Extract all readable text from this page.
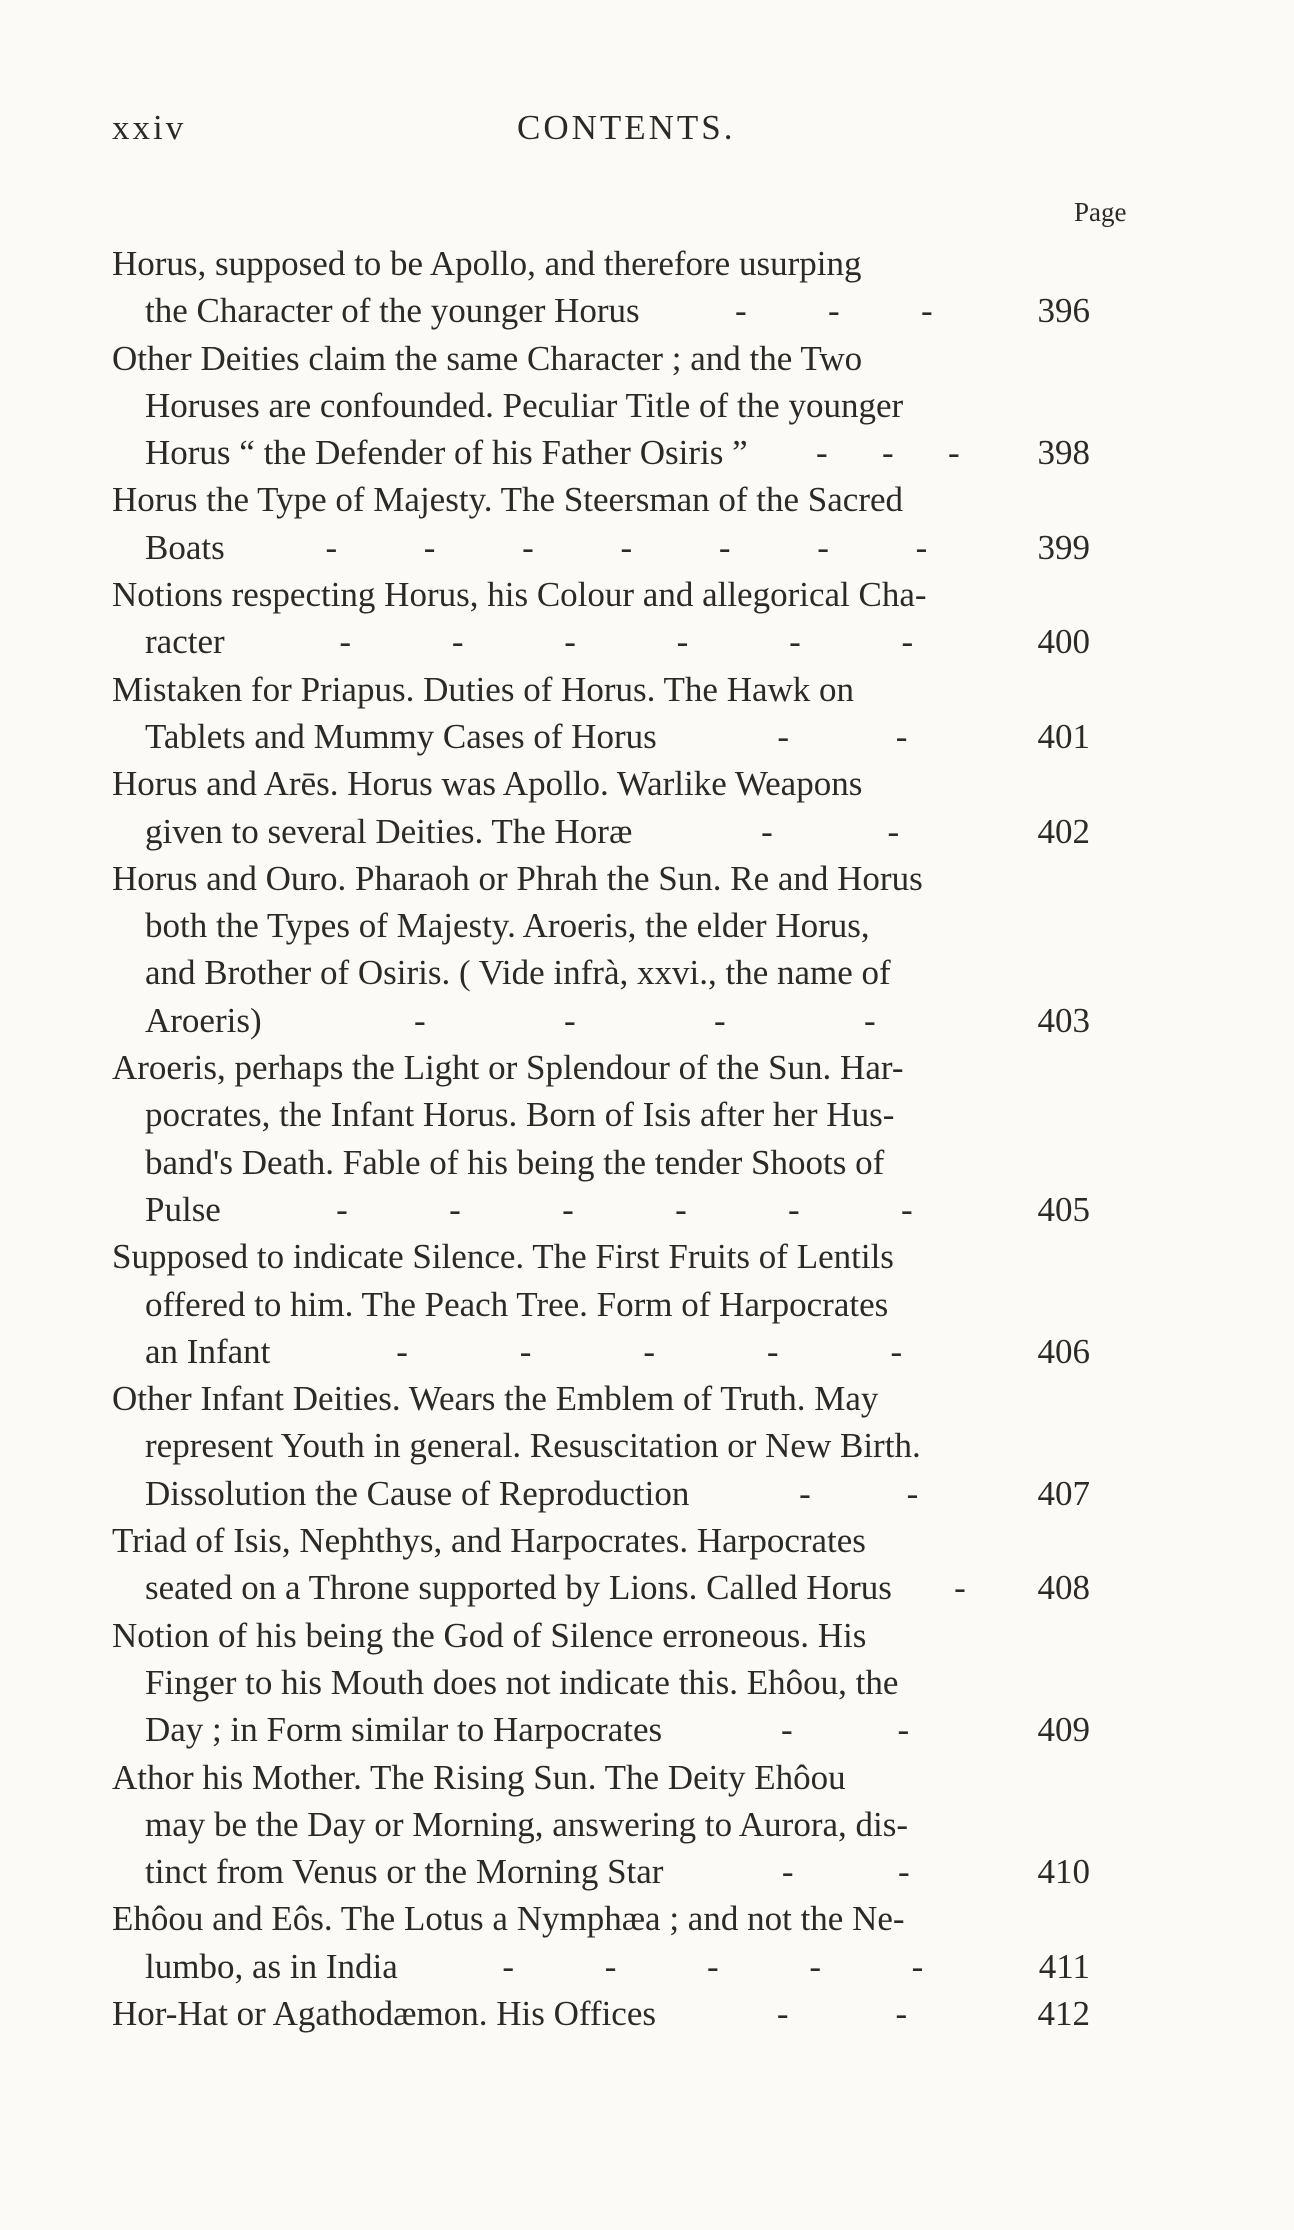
xxiv	CONTENTS.
Page
Horus, supposed to be Apollo, and therefore usurping
the Character of the younger Horus	- - -	396
Other Deities claim the same Character ; and the Two
Horuses are confounded. Peculiar Title of the younger
Horus “ the Defender of his Father Osiris ” - - -	398
Horus the Type of Majesty. The Steersman of the Sacred
Boats	- - - - - - -	399
Notions respecting Horus, his Colour and allegorical Cha-
racter	-	-	-	-	-	-	400
Mistaken for Priapus. Duties of Horus. The Hawk on
Tablets and Mummy Cases of Horus	-	-	401
Horus and Arēs. Horus was Apollo. Warlike Weapons
given to several Deities. The Horæ	-	-	402
Horus and Ouro. Pharaoh or Phrah the Sun. Re and Horus
both the Types of Majesty. Aroeris, the elder Horus,
and Brother of Osiris. ( Vide infrà, xxvi., the name of
Aroeris)	-	-	-	-	403
Aroeris, perhaps the Light or Splendour of the Sun. Har-
pocrates, the Infant Horus. Born of Isis after her Hus-
band's Death. Fable of his being the tender Shoots of
Pulse	-	-	-	-	-	-	405
Supposed to indicate Silence. The First Fruits of Lentils
offered to him. The Peach Tree. Form of Harpocrates
an Infant	-	-	-	-	-	406
Other Infant Deities. Wears the Emblem of Truth. May
represent Youth in general. Resuscitation or New Birth.
Dissolution the Cause of Reproduction	-	-	407
Triad of Isis, Nephthys, and Harpocrates. Harpocrates
seated on a Throne supported by Lions. Called Horus -	408
Notion of his being the God of Silence erroneous. His
Finger to his Mouth does not indicate this. Ehôou, the
Day ; in Form similar to Harpocrates	-	-	409
Athor his Mother. The Rising Sun. The Deity Ehôou
may be the Day or Morning, answering to Aurora, dis-
tinct from Venus or the Morning Star	-	-	410
Ehôou and Eôs. The Lotus a Nymphæa ; and not the Ne-
lumbo, as in India	-	-	-	-	-	411
Hor-Hat or Agathodæmon. His Offices	-	-	412
